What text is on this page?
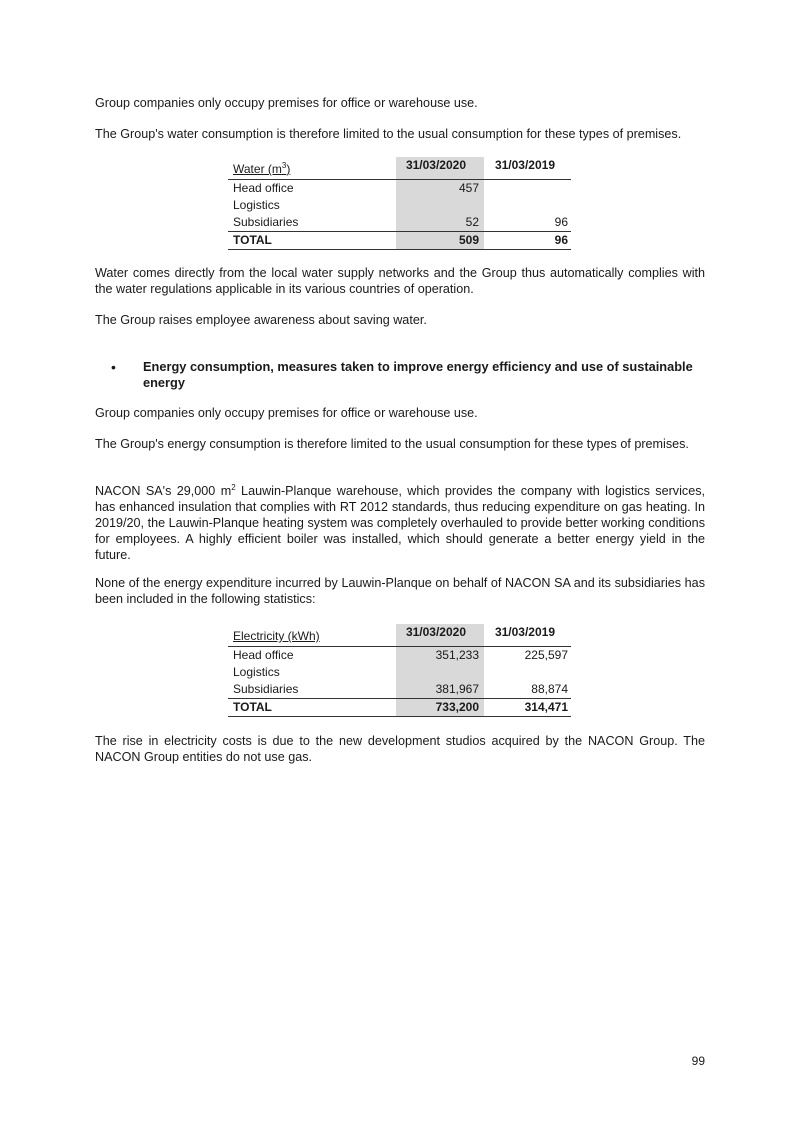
Group companies only occupy premises for office or warehouse use.

The Group's water consumption is therefore limited to the usual consumption for these types of premises.

Water $(m^3)$	31/03/2020 31/03/2019
Head office	457
Logistics
Subsidiaries	52	96
TOTAL	509	96

Water comes directly from the local water supply networks and the Group thus automatically complies with the water regulations applicable in its various countries of operation.

The Group raises employee awareness about saving water.

• Energy consumption, measures taken to improve energy efficiency and use of sustainable energy

Group companies only occupy premises for office or warehouse use.

The Group's energy consumption is therefore limited to the usual consumption for these types of premises.

NACON SA's 29,000 $m^2$ Lauwin-Planque warehouse, which provides the company with logistics services, has enhanced insulation that complies with RT 2012 standards, thus reducing expenditure on gas heating. In 2019/20, the Lauwin-Planque heating system was completely overhauled to provide better working conditions for employees. A highly efficient boiler was installed, which should generate a better energy yield in the future.

None of the energy expenditure incurred by Lauwin-Planque on behalf of NACON SA and its subsidiaries has been included in the following statistics:

Electricity (kWh)	31/03/2020 31/03/2019
Head office	351,233	225,597
Logistics
Subsidiaries	381,967	88,874
TOTAL	733,200	314,471

The rise in electricity costs is due to the new development studios acquired by the NACON Group. The NACON Group entities do not use gas.

99
